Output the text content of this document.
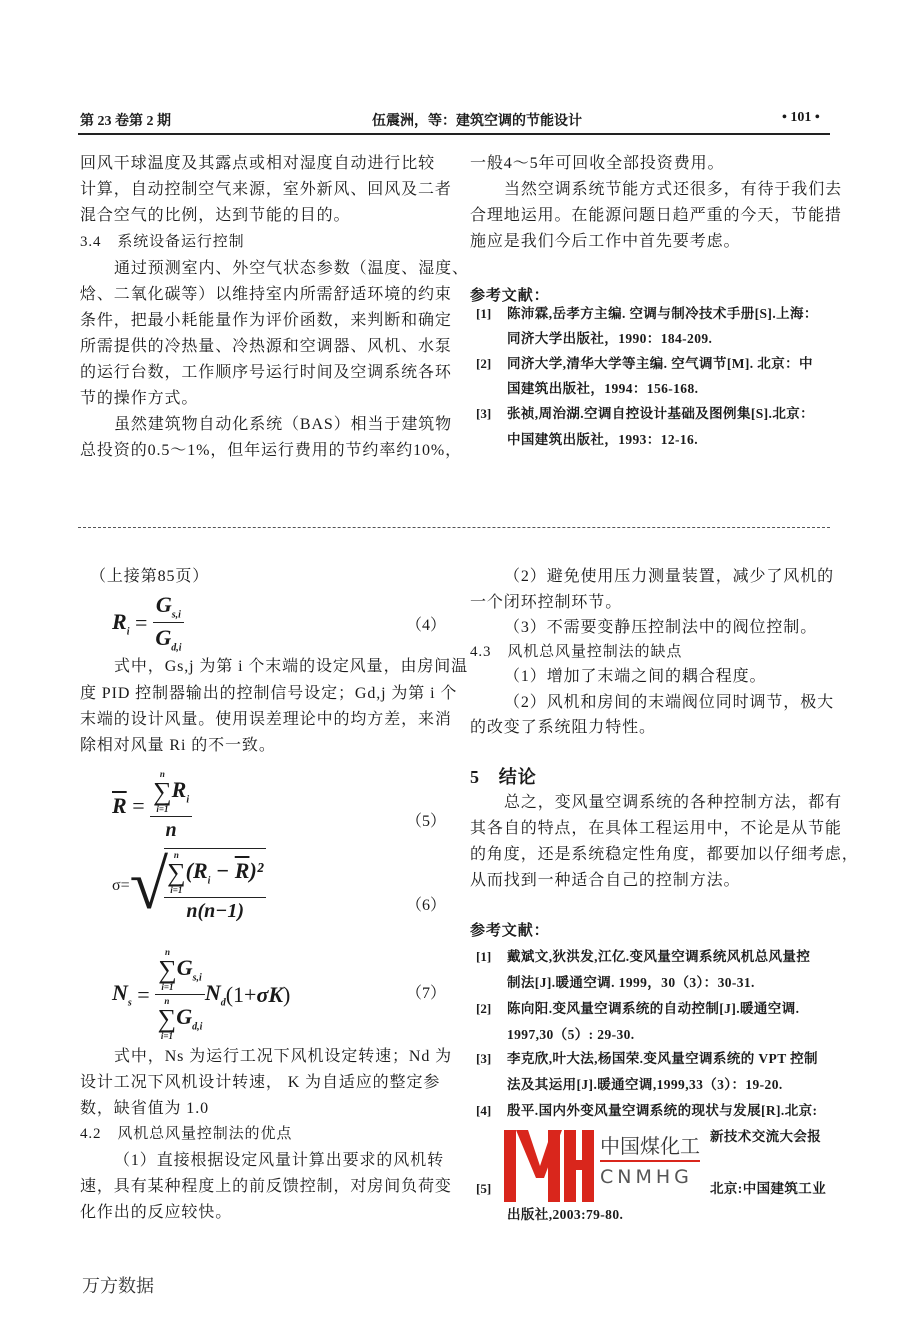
第 23 卷第 2 期	伍震洲，等：建筑空调的节能设计	• 101 •
回风干球温度及其露点或相对湿度自动进行比较
计算，自动控制空气来源，室外新风、回风及二者
混合空气的比例，达到节能的目的。
3.4　系统设备运行控制
通过预测室内、外空气状态参数（温度、湿度、
焓、二氧化碳等）以维持室内所需舒适环境的约束
条件，把最小耗能量作为评价函数，来判断和确定
所需提供的冷热量、冷热源和空调器、风机、水泵
的运行台数，工作顺序号运行时间及空调系统各环
节的操作方式。
虽然建筑物自动化系统（BAS）相当于建筑物
总投资的0.5～1%，但年运行费用的节约率约10%，
一般4～5年可回收全部投资费用。
当然空调系统节能方式还很多，有待于我们去
合理地运用。在能源问题日趋严重的今天，节能措
施应是我们今后工作中首先要考虑。
参考文献：
[1] 陈沛霖,岳孝方主编. 空调与制冷技术手册[S].上海：
同济大学出版社，1990：184-209.
[2] 同济大学,清华大学等主编. 空气调节[M]. 北京：中
国建筑出版社，1994：156-168.
[3] 张祯,周治湖.空调自控设计基础及图例集[S].北京：
中国建筑出版社，1993：12-16.
（上接第85页）
$R_i = \frac{G_{s,i}}{G_{d,i}}$	（4）
式中，Gs,j 为第 i 个末端的设定风量，由房间温
度 PID 控制器输出的控制信号设定；Gd,j 为第 i 个
末端的设计风量。使用误差理论中的均方差，来消
除相对风量 Ri 的不一致。
$\overline{R} = n$
∑
i=1
$R_i$
n	（5）
σ= √
n
∑
i=1
$(R_i - \overline{R})^2$
n(n−1)	（6）
$N_s = n$
∑
i=1
$G_{s,i}$
n
∑
i=1
$G_{d,i}$ $N_d$ (1+ σK )	（7）
式中，Ns 为运行工况下风机设定转速；Nd 为
设计工况下风机设计转速， K 为自适应的整定参
数，缺省值为 1.0
4.2　风机总风量控制法的优点
（1）直接根据设定风量计算出要求的风机转
速，具有某种程度上的前反馈控制，对房间负荷变
化作出的反应较快。
（2）避免使用压力测量装置，减少了风机的
一个闭环控制环节。
（3）不需要变静压控制法中的阀位控制。
4.3　风机总风量控制法的缺点
（1）增加了末端之间的耦合程度。
（2）风机和房间的末端阀位同时调节，极大
的改变了系统阻力特性。
5　结论
总之，变风量空调系统的各种控制方法，都有
其各自的特点，在具体工程运用中，不论是从节能
的角度，还是系统稳定性角度，都要加以仔细考虑，
从而找到一种适合自己的控制方法。
参考文献：
[1] 戴斌文,狄洪发,江亿.变风量空调系统风机总风量控
制法[J].暖通空调. 1999，30（3）：30-31.
[2] 陈向阳.变风量空调系统的自动控制[J].暖通空调.
1997,30（5）: 29-30.
[3] 李克欣,叶大法,杨国荣.变风量空调系统的 VPT 控制
法及其运用[J].暖通空调,1999,33（3）：19-20.
[4] 殷平.国内外变风量空调系统的现状与发展[R].北京:
新技术交流大会报
[5]	北京:中国建筑工业
出版社,2003:79-80.
中国煤化工
CNMHG
万方数据
